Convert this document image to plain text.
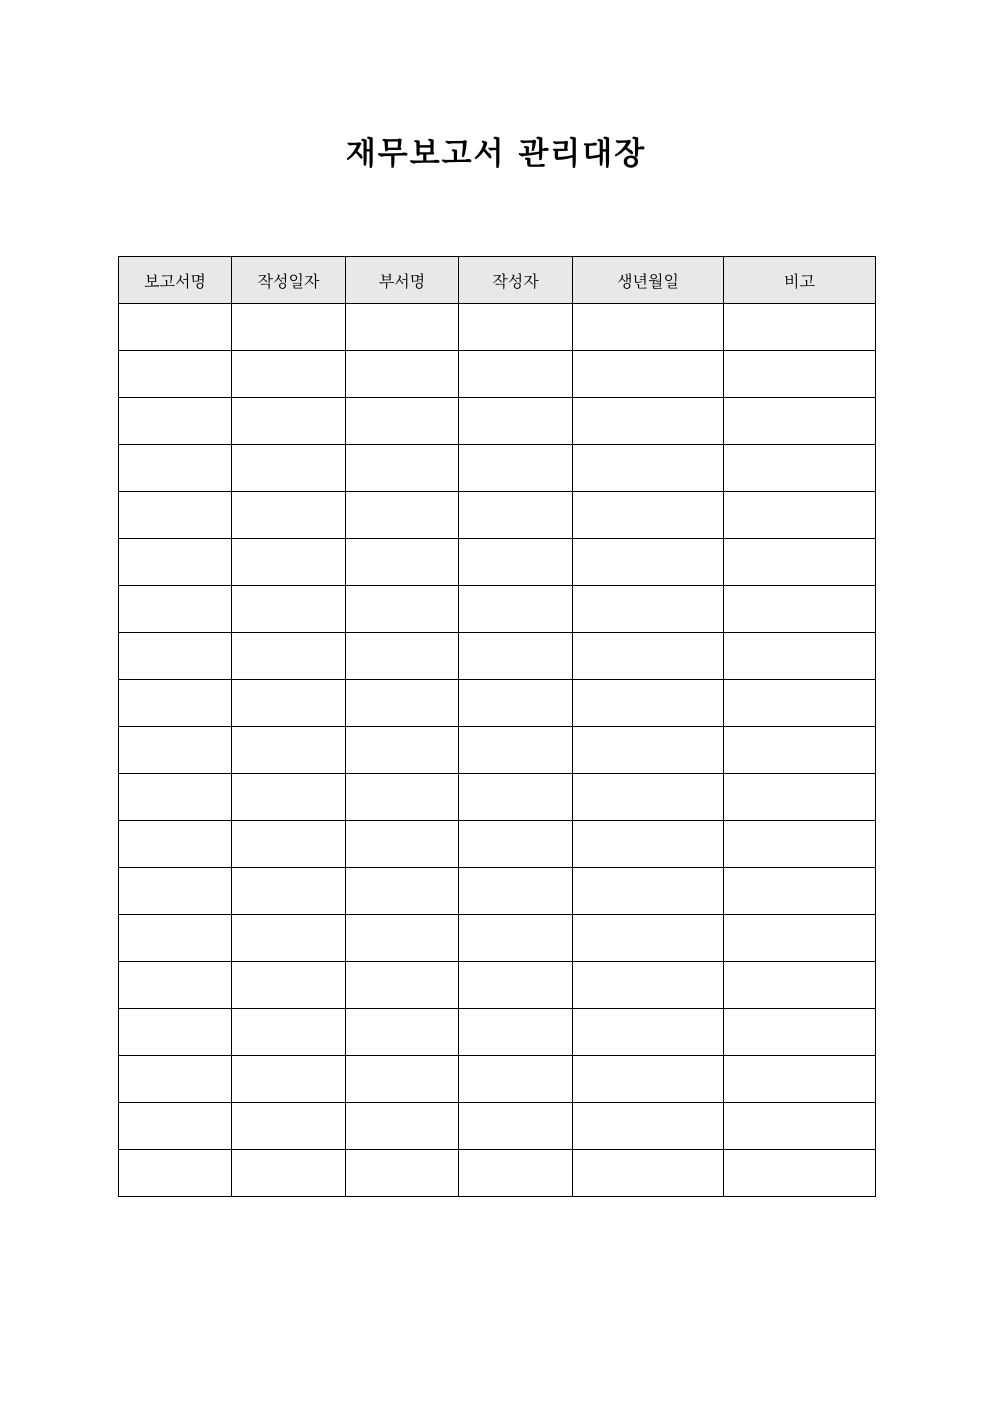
재무보고서 관리대장
보고서명	작성일자	부서명	작성자	생년월일	비고
